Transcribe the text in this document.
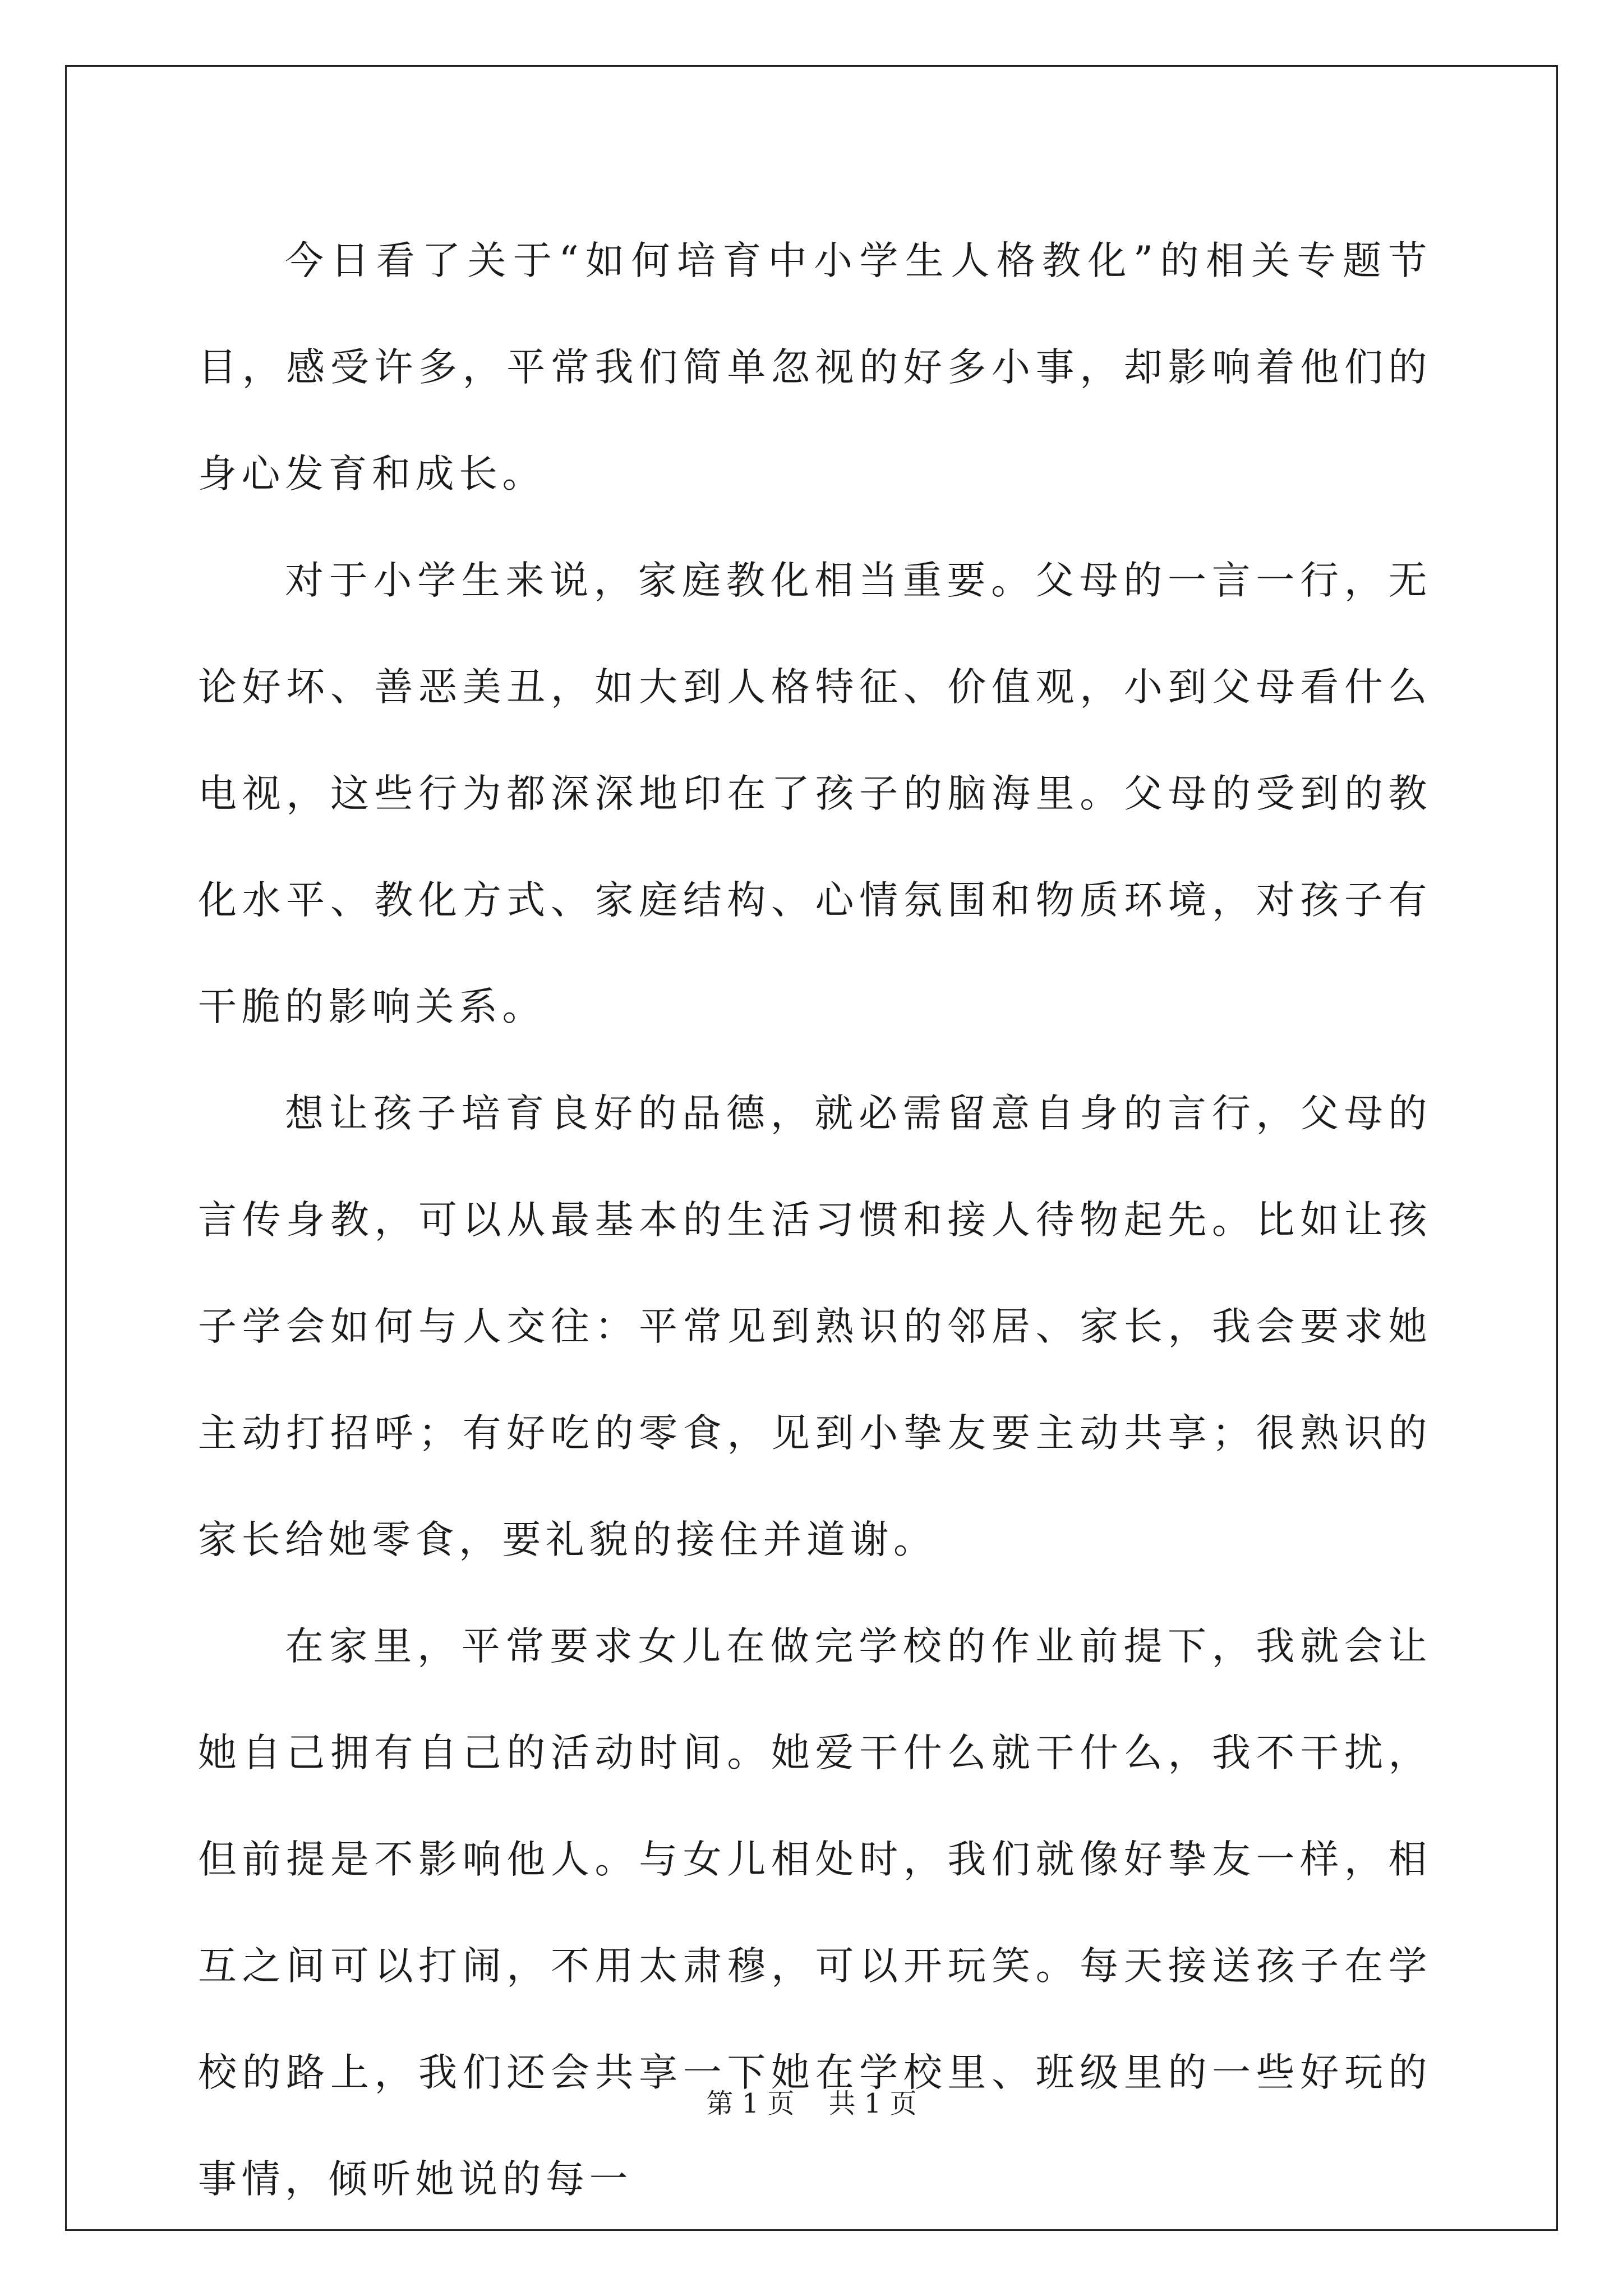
今日看了关于“如何培育中小学生人格教化”的相关专题节目，感受许多，平常我们简单忽视的好多小事，却影响着他们的身心发育和成长。

对于小学生来说，家庭教化相当重要。父母的一言一行，无论好坏、善恶美丑，如大到人格特征、价值观，小到父母看什么电视，这些行为都深深地印在了孩子的脑海里。父母的受到的教化水平、教化方式、家庭结构、心情氛围和物质环境，对孩子有干脆的影响关系。

想让孩子培育良好的品德，就必需留意自身的言行，父母的言传身教，可以从最基本的生活习惯和接人待物起先。比如让孩子学会如何与人交往：平常见到熟识的邻居、家长，我会要求她主动打招呼；有好吃的零食，见到小挚友要主动共享；很熟识的家长给她零食，要礼貌的接住并道谢。

在家里，平常要求女儿在做完学校的作业前提下，我就会让她自己拥有自己的活动时间。她爱干什么就干什么，我不干扰，但前提是不影响他人。与女儿相处时，我们就像好挚友一样，相互之间可以打闹，不用太肃穆，可以开玩笑。每天接送孩子在学校的路上，我们还会共享一下她在学校里、班级里的一些好玩的事情，倾听她说的每一

第 1 页 共 1 页
